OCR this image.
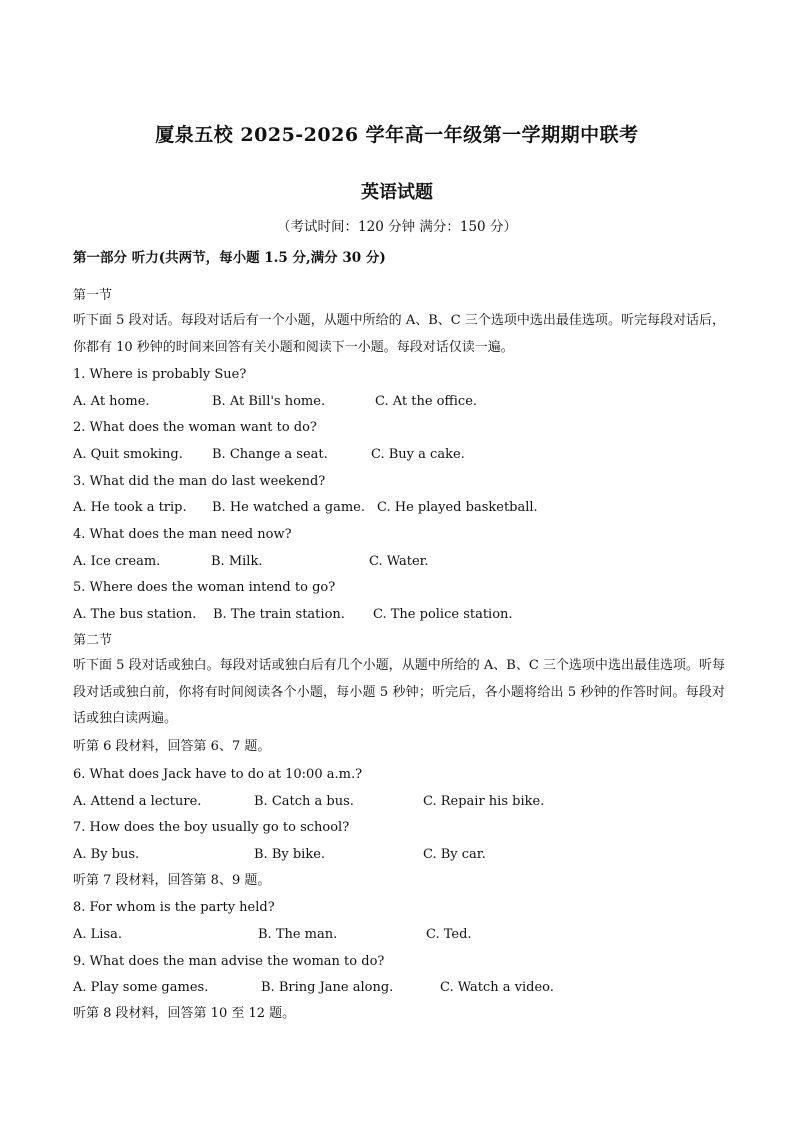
厦泉五校 2025-2026 学年高一年级第一学期期中联考
英语试题
（考试时间：120 分钟 满分：150 分）
第一部分 听力(共两节，每小题 1.5 分,满分 30 分)
第一节
听下面 5 段对话。每段对话后有一个小题，从题中所给的 A、B、C 三个选项中选出最佳选项。听完每段对话后，你都有 10 秒钟的时间来回答有关小题和阅读下一小题。每段对话仅读一遍。
1. Where is probably Sue?
A. At home.	B. At Bill's home.	C. At the office.
2. What does the woman want to do?
A. Quit smoking. B. Change a seat.	C. Buy a cake.
3. What did the man do last weekend?
A. He took a trip. B. He watched a game. C. He played basketball.
4. What does the man need now?
A. Ice cream.	B. Milk.	C. Water.
5. Where does the woman intend to go?
A. The bus station. B. The train station. C. The police station.
第二节
听下面 5 段对话或独白。每段对话或独白后有几个小题，从题中所给的 A、B、C 三个选项中选出最佳选项。听每段对话或独白前，你将有时间阅读各个小题，每小题 5 秒钟；听完后，各小题将给出 5 秒钟的作答时间。每段对话或独白读两遍。
听第 6 段材料，回答第 6、7 题。
6. What does Jack have to do at 10:00 a.m.?
A. Attend a lecture.	B. Catch a bus.	C. Repair his bike.
7. How does the boy usually go to school?
A. By bus.	B. By bike.	C. By car.
听第 7 段材料，回答第 8、9 题。
8. For whom is the party held?
A. Lisa.	B. The man.	C. Ted.
9. What does the man advise the woman to do?
A. Play some games.	B. Bring Jane along.	C. Watch a video.
听第 8 段材料，回答第 10 至 12 题。
